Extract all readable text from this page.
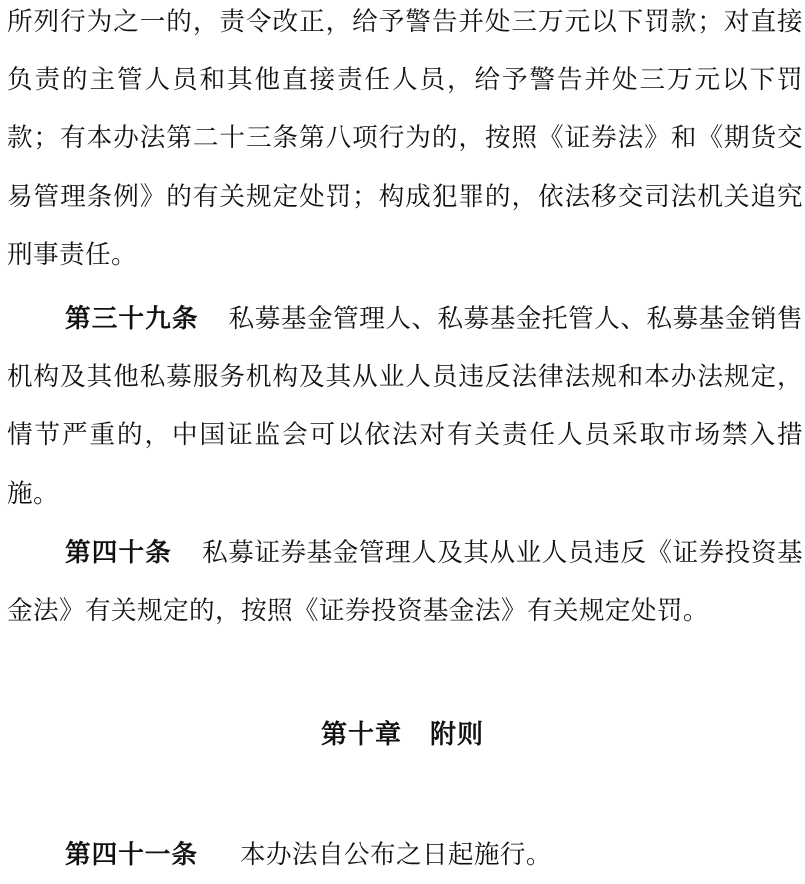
所列行为之一的，责令改正，给予警告并处三万元以下罚款；对直接负责的主管人员和其他直接责任人员，给予警告并处三万元以下罚款；有本办法第二十三条第八项行为的，按照《证券法》和《期货交易管理条例》的有关规定处罚；构成犯罪的，依法移交司法机关追究刑事责任。

第三十九条 私募基金管理人、私募基金托管人、私募基金销售机构及其他私募服务机构及其从业人员违反法律法规和本办法规定，情节严重的，中国证监会可以依法对有关责任人员采取市场禁入措施。

第四十条 私募证券基金管理人及其从业人员违反《证券投资基金法》有关规定的，按照《证券投资基金法》有关规定处罚。

第十章 附则

第四十一条 本办法自公布之日起施行。
